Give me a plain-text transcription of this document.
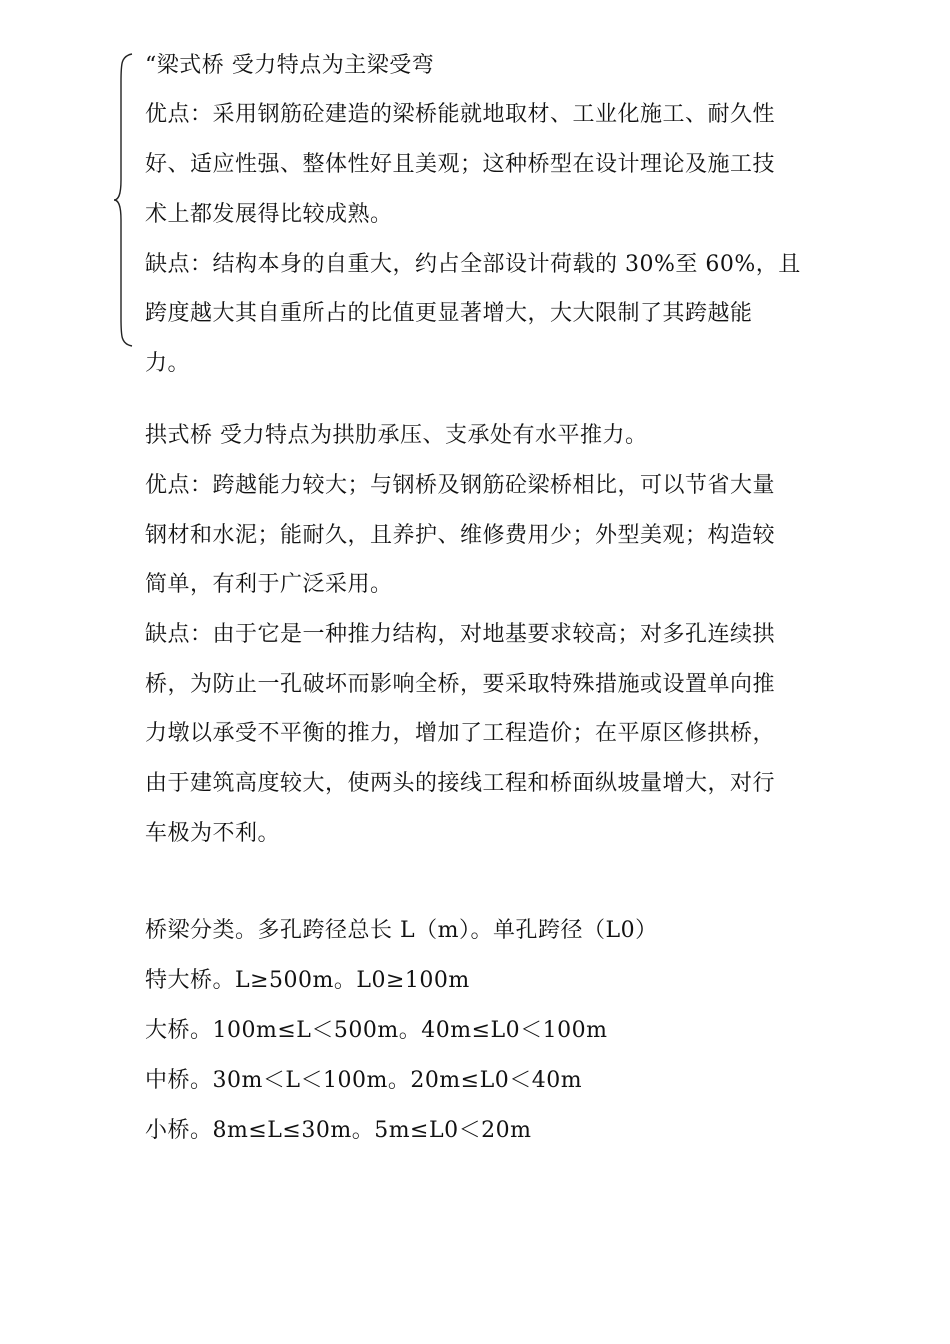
“梁式桥 受力特点为主梁受弯
优点：采用钢筋砼建造的梁桥能就地取材、工业化施工、耐久性
好、适应性强、整体性好且美观；这种桥型在设计理论及施工技
术上都发展得比较成熟。
缺点：结构本身的自重大，约占全部设计荷载的 30%至 60%，且
跨度越大其自重所占的比值更显著增大，大大限制了其跨越能
力。
拱式桥 受力特点为拱肋承压、支承处有水平推力。
优点：跨越能力较大；与钢桥及钢筋砼梁桥相比，可以节省大量
钢材和水泥；能耐久，且养护、维修费用少；外型美观；构造较
简单，有利于广泛采用。
缺点：由于它是一种推力结构，对地基要求较高；对多孔连续拱
桥，为防止一孔破坏而影响全桥，要采取特殊措施或设置单向推
力墩以承受不平衡的推力，增加了工程造价；在平原区修拱桥，
由于建筑高度较大，使两头的接线工程和桥面纵坡量增大，对行
车极为不利。
桥梁分类。多孔跨径总长 L（m）。单孔跨径（L0）
特大桥。L≥500m。L0≥100m
大桥。100m≤L＜500m。40m≤L0＜100m
中桥。30m＜L＜100m。20m≤L0＜40m
小桥。8m≤L≤30m。5m≤L0＜20m
